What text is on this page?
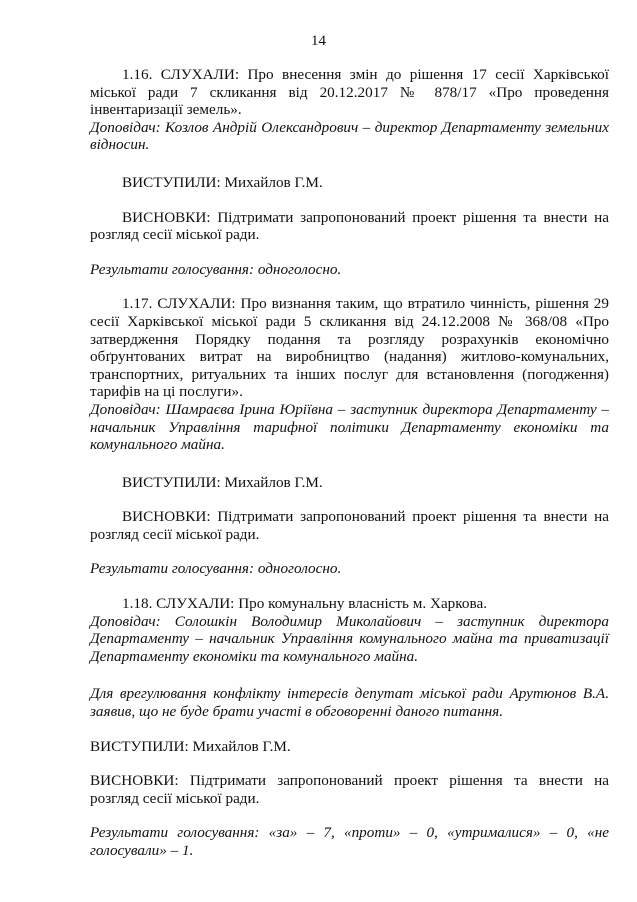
14

1.16. СЛУХАЛИ: Про внесення змін до рішення 17 сесії Харківської міської ради 7 скликання від 20.12.2017 № 878/17 «Про проведення інвентаризації земель».

Доповідач: Козлов Андрій Олександрович – директор Департаменту земельних відносин.

ВИСТУПИЛИ: Михайлов Г.М.

ВИСНОВКИ: Підтримати запропонований проект рішення та внести на розгляд сесії міської ради.

Результати голосування: одноголосно.

1.17. СЛУХАЛИ: Про визнання таким, що втратило чинність, рішення 29 сесії Харківської міської ради 5 скликання від 24.12.2008 № 368/08 «Про затвердження Порядку подання та розгляду розрахунків економічно обґрунтованих витрат на виробництво (надання) житлово-комунальних, транспортних, ритуальних та інших послуг для встановлення (погодження) тарифів на ці послуги».

Доповідач: Шамраєва Ірина Юріївна – заступник директора Департаменту – начальник Управління тарифної політики Департаменту економіки та комунального майна.

ВИСТУПИЛИ: Михайлов Г.М.

ВИСНОВКИ: Підтримати запропонований проект рішення та внести на розгляд сесії міської ради.

Результати голосування: одноголосно.

1.18. СЛУХАЛИ: Про комунальну власність м. Харкова.

Доповідач: Солошкін Володимир Миколайович – заступник директора Департаменту – начальник Управління комунального майна та приватизації Департаменту економіки та комунального майна.

Для врегулювання конфлікту інтересів депутат міської ради Арутюнов В.А. заявив, що не буде брати участі в обговоренні даного питання.

ВИСТУПИЛИ: Михайлов Г.М.

ВИСНОВКИ: Підтримати запропонований проект рішення та внести на розгляд сесії міської ради.

Результати голосування: «за» – 7, «проти» – 0, «утрималися» – 0, «не голосували» – 1.
